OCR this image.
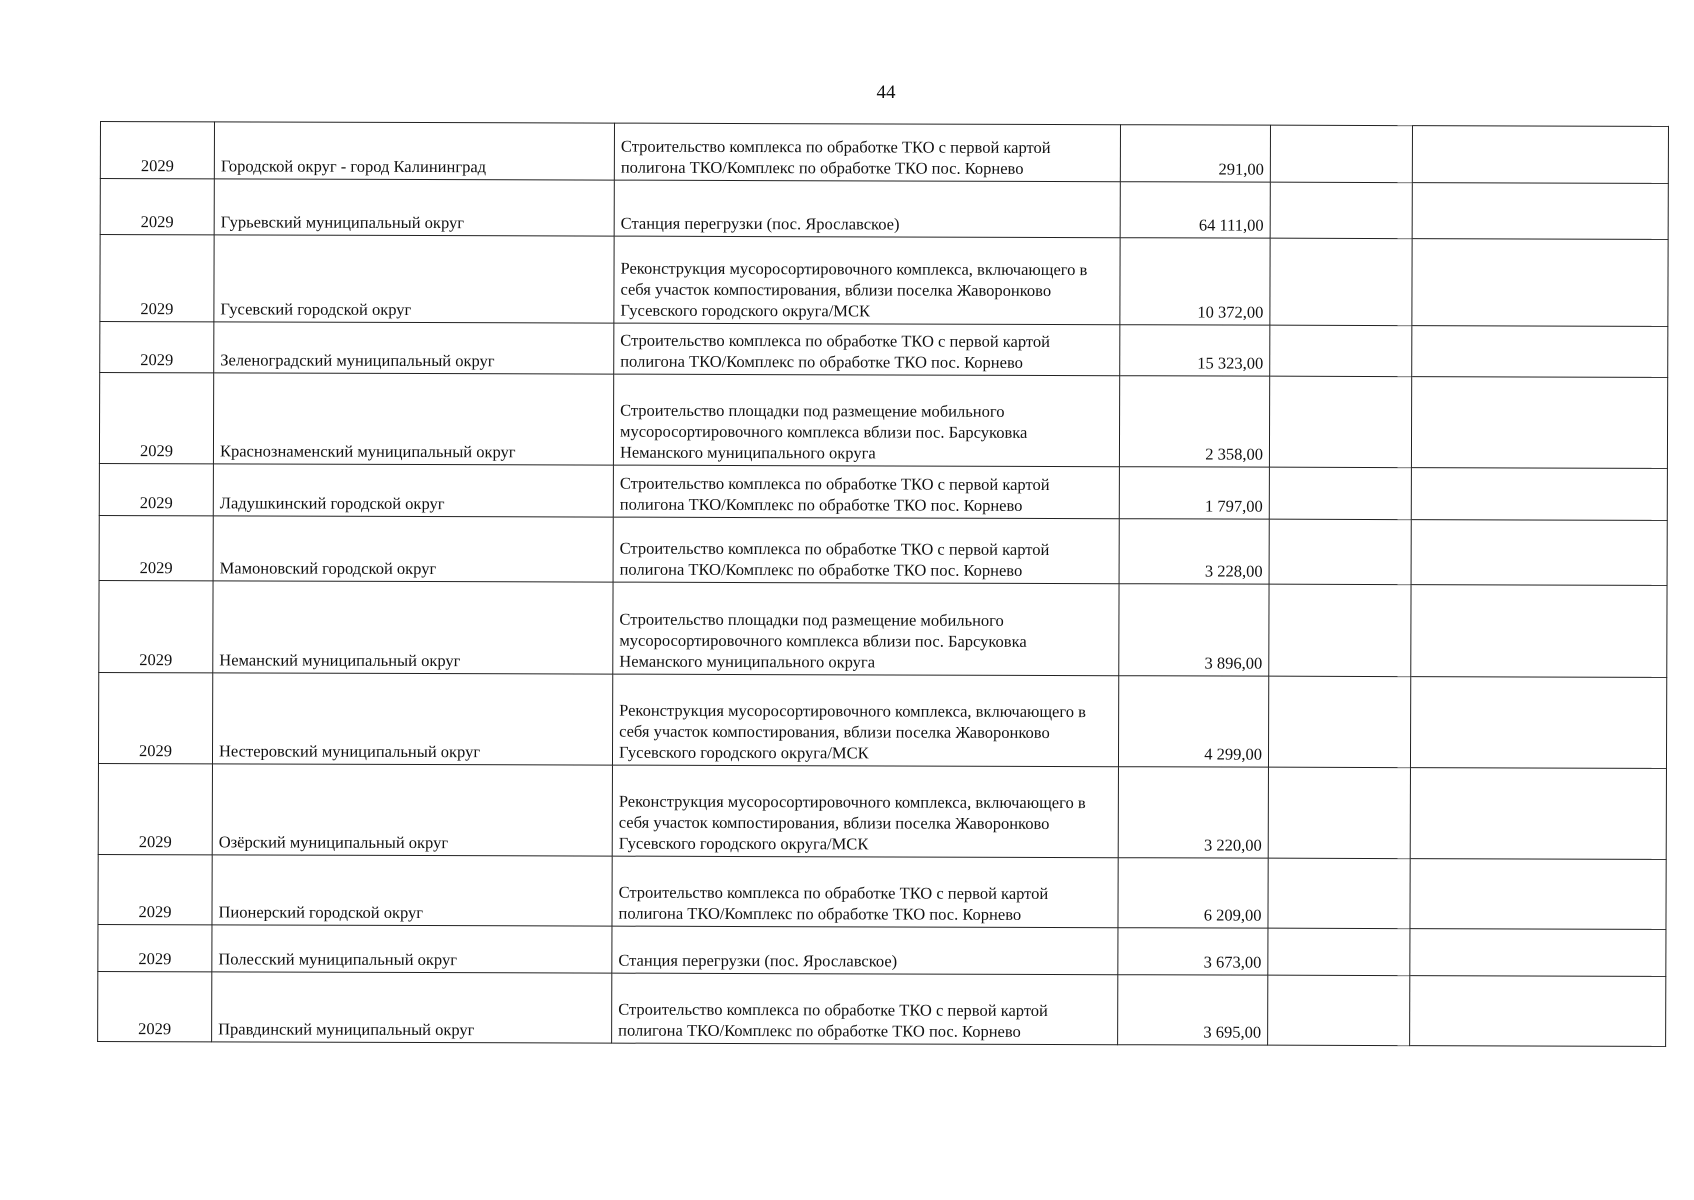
44
2029	Городской округ - город Калининград	Строительство комплекса по обработке ТКО с первой картой полигона ТКО/Комплекс по обработке ТКО пос. Корнево	291,00		
2029	Гурьевский муниципальный округ	Станция перегрузки (пос. Ярославское)	64 111,00		
2029	Гусевский городской округ	Реконструкция мусоросортировочного комплекса, включающего в себя участок компостирования, вблизи поселка Жаворонково Гусевского городского округа/МСК	10 372,00		
2029	Зеленоградский муниципальный округ	Строительство комплекса по обработке ТКО с первой картой полигона ТКО/Комплекс по обработке ТКО пос. Корнево	15 323,00		
2029	Краснознаменский муниципальный округ	Строительство площадки под размещение мобильного мусоросортировочного комплекса вблизи пос. Барсуковка Неманского муниципального округа	2 358,00		
2029	Ладушкинский городской округ	Строительство комплекса по обработке ТКО с первой картой полигона ТКО/Комплекс по обработке ТКО пос. Корнево	1 797,00		
2029	Мамоновский городской округ	Строительство комплекса по обработке ТКО с первой картой полигона ТКО/Комплекс по обработке ТКО пос. Корнево	3 228,00		
2029	Неманский муниципальный округ	Строительство площадки под размещение мобильного мусоросортировочного комплекса вблизи пос. Барсуковка Неманского муниципального округа	3 896,00		
2029	Нестеровский муниципальный округ	Реконструкция мусоросортировочного комплекса, включающего в себя участок компостирования, вблизи поселка Жаворонково Гусевского городского округа/МСК	4 299,00		
2029	Озёрский муниципальный округ	Реконструкция мусоросортировочного комплекса, включающего в себя участок компостирования, вблизи поселка Жаворонково Гусевского городского округа/МСК	3 220,00		
2029	Пионерский городской округ	Строительство комплекса по обработке ТКО с первой картой полигона ТКО/Комплекс по обработке ТКО пос. Корнево	6 209,00		
2029	Полесский муниципальный округ	Станция перегрузки (пос. Ярославское)	3 673,00		
2029	Правдинский муниципальный округ	Строительство комплекса по обработке ТКО с первой картой полигона ТКО/Комплекс по обработке ТКО пос. Корнево	3 695,00		
